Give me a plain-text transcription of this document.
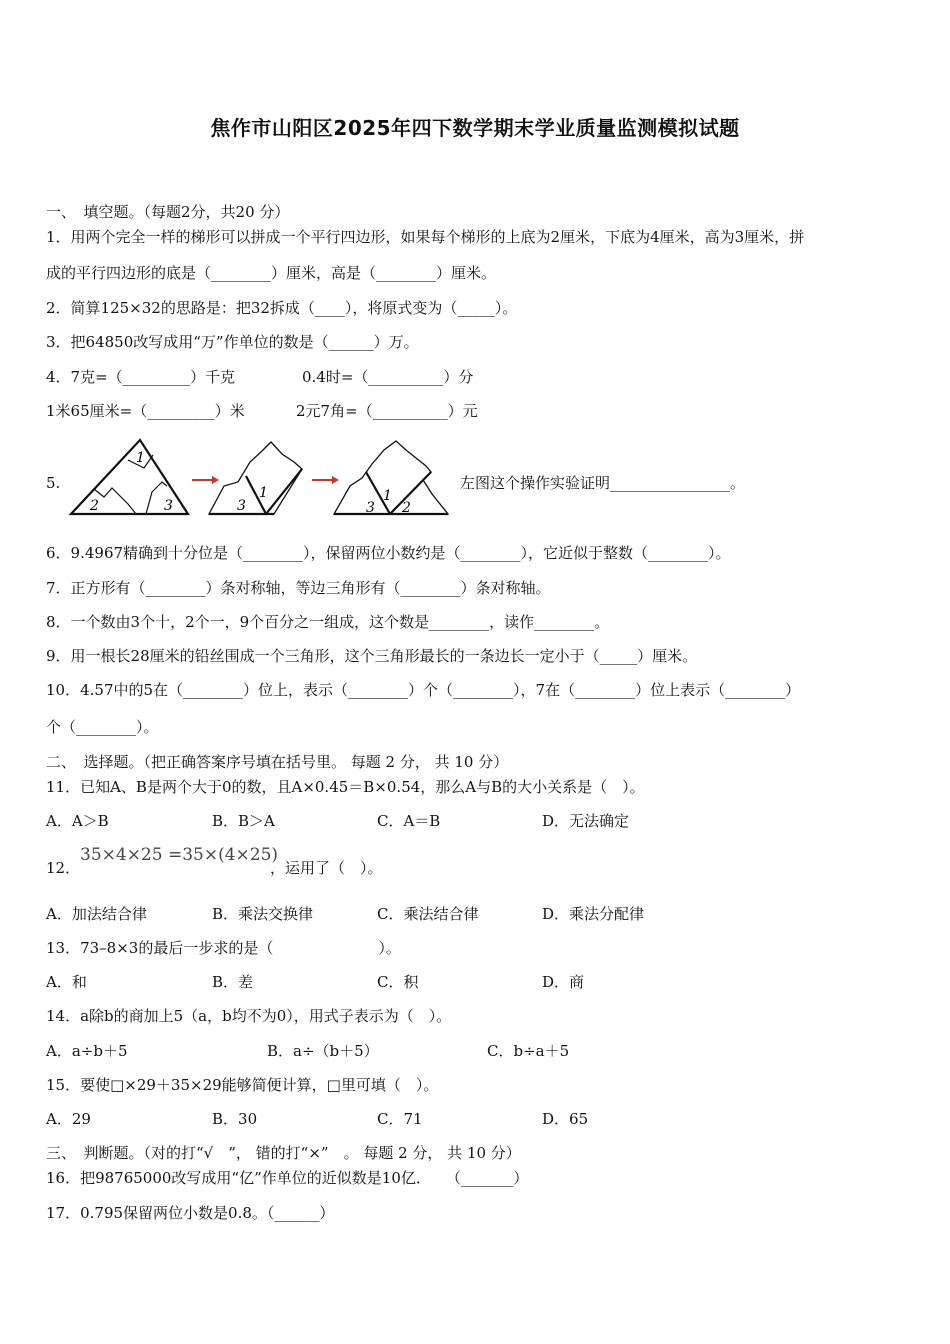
焦作市山阳区2025年四下数学期末学业质量监测模拟试题
一、　填空题。（每题2分，共20 分）
1．用两个完全一样的梯形可以拼成一个平行四边形，如果每个梯形的上底为2厘米，下底为4厘米，高为3厘米，拼
成的平行四边形的底是（________）厘米，高是（________）厘米。
2．简算125×32的思路是：把32拆成（____），将原式变为（_____）。
3．把64850改写成用“万”作单位的数是（______）万。
4．7克=（_________）千克	0.4时=（__________）分
1米65厘米=（_________）米	2元7角=（__________）元
5.
1
2	3	3
1
3
1
2
左图这个操作实验证明________________。
6．9.4967精确到十分位是（________），保留两位小数约是（________），它近似于整数（________）。
7．正方形有（________）条对称轴，等边三角形有（________）条对称轴。
8．一个数由3个十，2个一，9个百分之一组成，这个数是________，读作________。
9．用一根长28厘米的铅丝围成一个三角形，这个三角形最长的一条边长一定小于（_____）厘米。
10．4.57中的5在（________）位上，表示（________）个（________），7在（________）位上表示（________）
个（________）。
二、　选择题。（把正确答案序号填在括号里。 每题 2 分， 共 10 分）
11．已知A、B是两个大于0的数，且A×0.45＝B×0.54，那么A与B的大小关系是（　）。
A．A＞B	B．B＞A	C．A＝B	D．无法确定
12．
35×4×25 =35×(4×25)
，运用了（　）。
A．加法结合律	B．乘法交换律	C．乘法结合律	D．乘法分配律
13．73–8×3的最后一步求的是（　　　　　　　）。
A．和	B．差	C．积	D．商
14．a除b的商加上5（a，b均不为0），用式子表示为（　）。
A．a÷b＋5	B．a÷（b＋5）	C．b÷a＋5
15．要使□×29＋35×29能够简便计算，□里可填（　）。
A．29	B．30	C．71	D．65
三、　判断题。（对的打“√　”， 错的打“×”　。 每题 2 分， 共 10 分）
16．把98765000改写成用“亿”作单位的近似数是10亿．　　（_______）
17．0.795保留两位小数是0.8。（______）
